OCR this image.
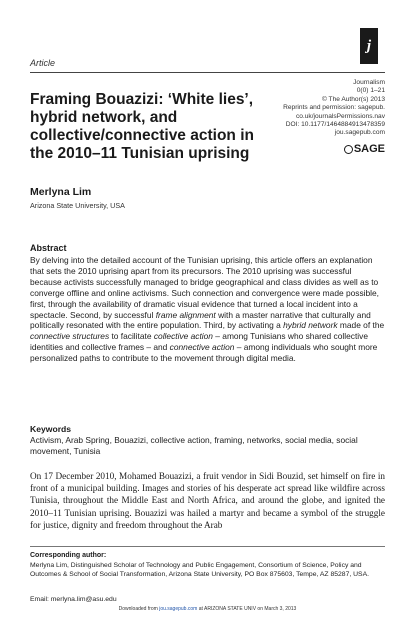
j
Article
Framing Bouazizi: ‘White lies’, hybrid network, and collective/connective action in the 2010–11 Tunisian uprising
Journalism
0(0) 1–21
© The Author(s) 2013
Reprints and permission: sagepub.
co.uk/journalsPermissions.nav
DOI: 10.1177/1464884913478359
jou.sagepub.com
SAGE
Merlyna Lim
Arizona State University, USA
Abstract
By delving into the detailed account of the Tunisian uprising, this article offers an explanation that sets the 2010 uprising apart from its precursors. The 2010 uprising was successful because activists successfully managed to bridge geographical and class divides as well as to converge offline and online activisms. Such connection and convergence were made possible, first, through the availability of dramatic visual evidence that turned a local incident into a spectacle. Second, by successful frame alignment with a master narrative that culturally and politically resonated with the entire population. Third, by activating a hybrid network made of the connective structures to facilitate collective action – among Tunisians who shared collective identities and collective frames – and connective action – among individuals who sought more personalized paths to contribute to the movement through digital media.
Keywords
Activism, Arab Spring, Bouazizi, collective action, framing, networks, social media, social movement, Tunisia
On 17 December 2010, Mohamed Bouazizi, a fruit vendor in Sidi Bouzid, set himself on fire in front of a municipal building. Images and stories of his desperate act spread like wildfire across Tunisia, throughout the Middle East and North Africa, and around the globe, and ignited the 2010–11 Tunisian uprising. Bouazizi was hailed a martyr and became a symbol of the struggle for justice, dignity and freedom throughout the Arab
Corresponding author:
Merlyna Lim, Distinguished Scholar of Technology and Public Engagement, Consortium of Science, Policy and Outcomes & School of Social Transformation, Arizona State University, PO Box 875603, Tempe, AZ 85287, USA.
Email: merlyna.lim@asu.edu
Downloaded from jou.sagepub.com at ARIZONA STATE UNIV on March 3, 2013
